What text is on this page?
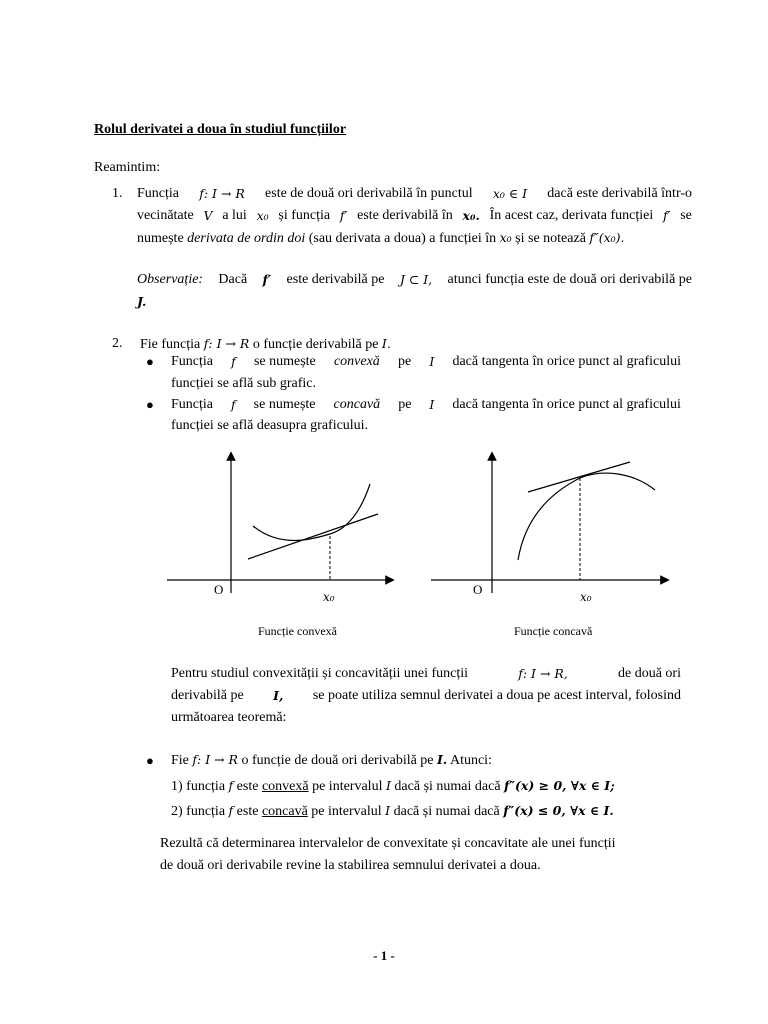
Rolul derivatei a doua în studiul funcțiilor
Reamintim:
1. Funcția f: I → R este de două ori derivabilă în punctul x₀ ∈ I dacă este derivabilă într-o
vecinătate V a lui x₀ și funcția f′ este derivabilă în x₀. În acest caz, derivata funcției f′ se
numește derivata de ordin doi (sau derivata a doua) a funcției în x₀ și se notează f″(x₀).
Observație: Dacă f′ este derivabilă pe J ⊂ I, atunci funcția este de două ori derivabilă pe
J.
2. Fie funcția f: I → R o funcție derivabilă pe I.
● Funcția f se numește convexă pe I dacă tangenta în orice punct al graficului
funcției se află sub grafic.
● Funcția f se numește concavă pe I dacă tangenta în orice punct al graficului
funcției se află deasupra graficului.
O	x₀
Funcție convexă
O	x₀
Funcție concavă
Pentru studiul convexității și concavității unei funcții	f: I → R,	de două ori
derivabilă pe I, se poate utiliza semnul derivatei a doua pe acest interval, folosind
următoarea teoremă:
● Fie f: I → R o funcție de două ori derivabilă pe I. Atunci:
1) funcția f este convexă pe intervalul I dacă și numai dacă f″(x) ≥ 0, ∀x ∈ I;
2) funcția f este concavă pe intervalul I dacă și numai dacă f″(x) ≤ 0, ∀x ∈ I.
Rezultă că determinarea intervalelor de convexitate și concavitate ale unei funcții
de două ori derivabile revine la stabilirea semnului derivatei a doua.
- 1 -
